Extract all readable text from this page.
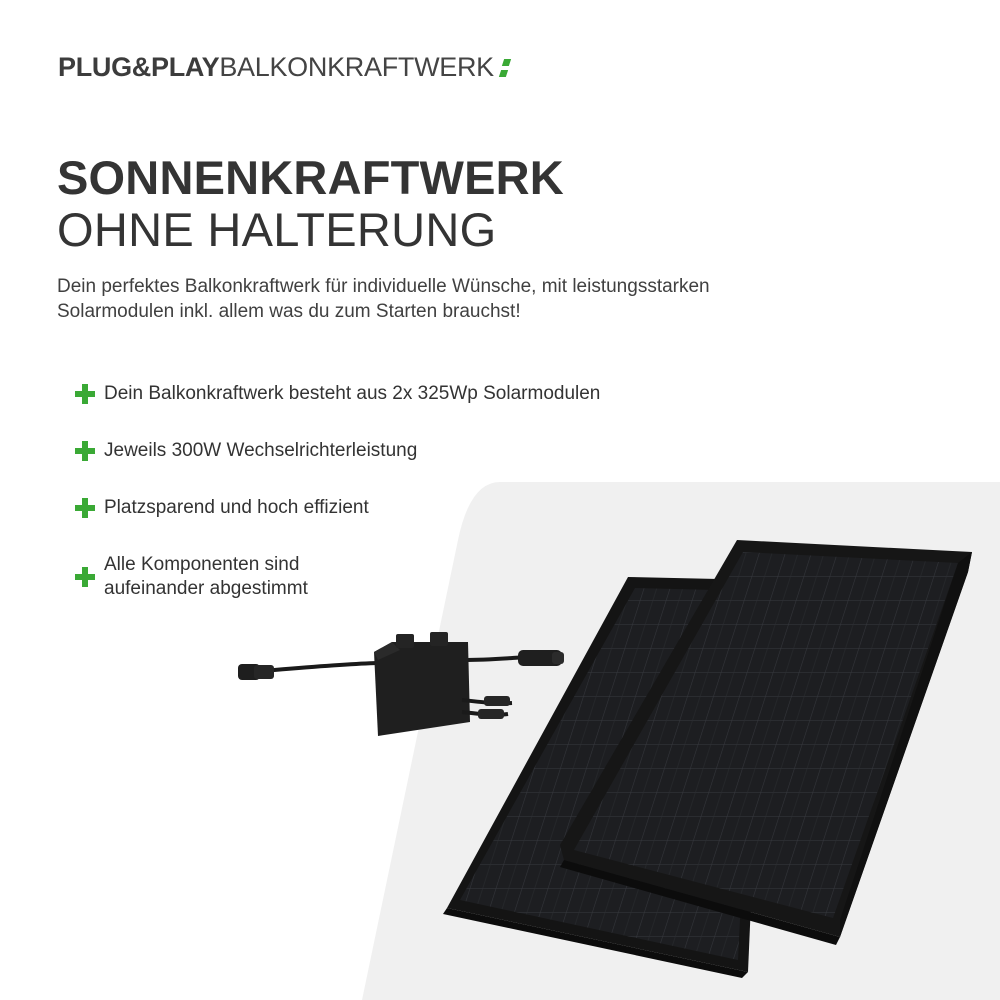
PLUG&PLAY BALKONKRAFTWERK
SONNENKRAFTWERK
OHNE HALTERUNG
Dein perfektes Balkonkraftwerk für individuelle Wünsche, mit leistungsstarken Solarmodulen inkl. allem was du zum Starten brauchst!
Dein Balkonkraftwerk besteht aus 2x 325Wp Solarmodulen
Jeweils 300W Wechselrichterleistung
Platzsparend und hoch effizient
Alle Komponenten sind aufeinander abgestimmt
